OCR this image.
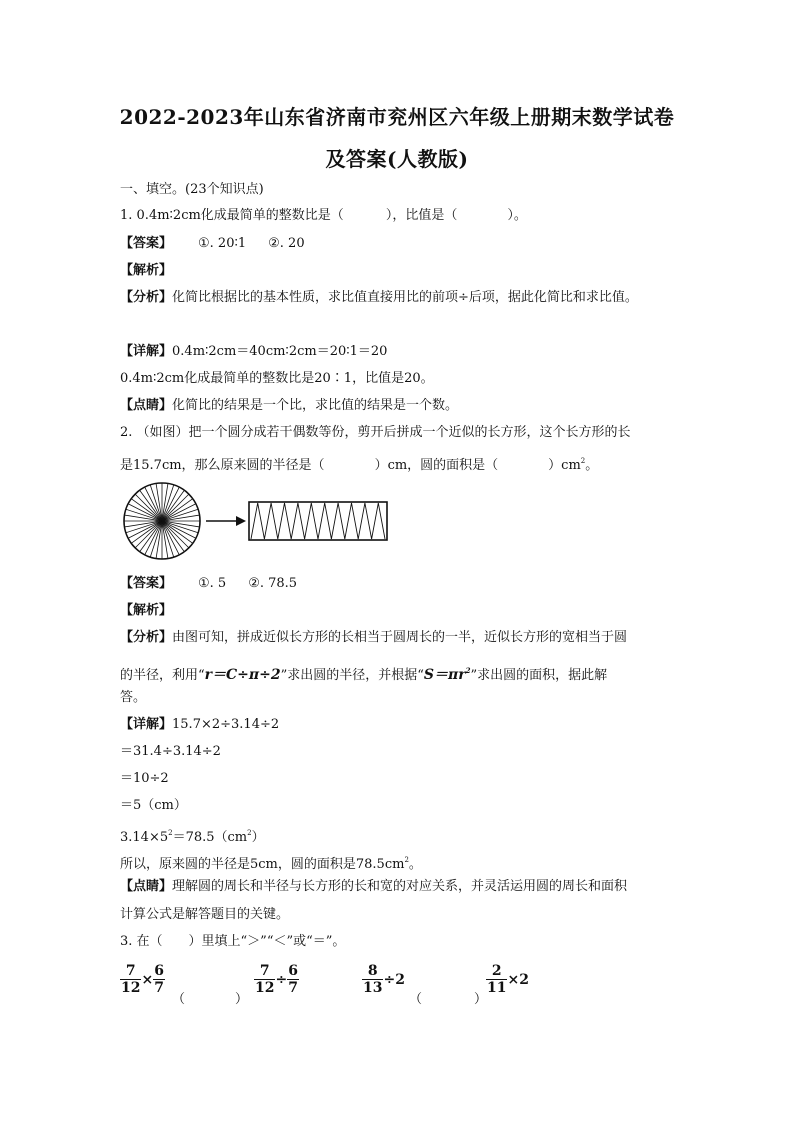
2022-2023年山东省济南市兖州区六年级上册期末数学试卷
及答案(人教版)
一、填空。(23个知识点)
1. 0.4m∶2cm化成最简单的整数比是（	），比值是（	）。
【答案】 ①. 20∶1 ②. 20
【解析】
【分析】化简比根据比的基本性质，求比值直接用比的前项÷后项，据此化简比和求比值。
【详解】0.4m∶2cm＝40cm∶2cm＝20∶1＝20
0.4m∶2cm化成最简单的整数比是20∶1，比值是20。
【点睛】化简比的结果是一个比，求比值的结果是一个数。
2. （如图）把一个圆分成若干偶数等份，剪开后拼成一个近似的长方形，这个长方形的长
是15.7cm，那么原来圆的半径是（	）cm，圆的面积是（	）$cm^2$。
【答案】 ①. 5 ②. 78.5
【解析】
【分析】由图可知，拼成近似长方形的长相当于圆周长的一半，近似长方形的宽相当于圆
的半径，利用“r＝C÷π÷2”求出圆的半径，并根据“$S=\pi r^2$”求出圆的面积，据此解
答。
【详解】15.7×2÷3.14÷2
＝31.4÷3.14÷2
＝10÷2
＝5（cm）
$3.14\times 5^2=78.5(cm^2)$
所以，原来圆的半径是5cm，圆的面积是$78.5cm^2$。
【点睛】理解圆的周长和半径与长方形的长和宽的对应关系，并灵活运用圆的周长和面积
计算公式是解答题目的关键。
3. 在（　　）里填上“＞”“＜”或“＝”。
$\frac{7}{12} \times \frac{6}{7}$
（	）
$\frac{7}{12} \div \frac{6}{7}$	$\frac{8}{13} \div 2$
（	）
$\frac{2}{11} \times 2$
